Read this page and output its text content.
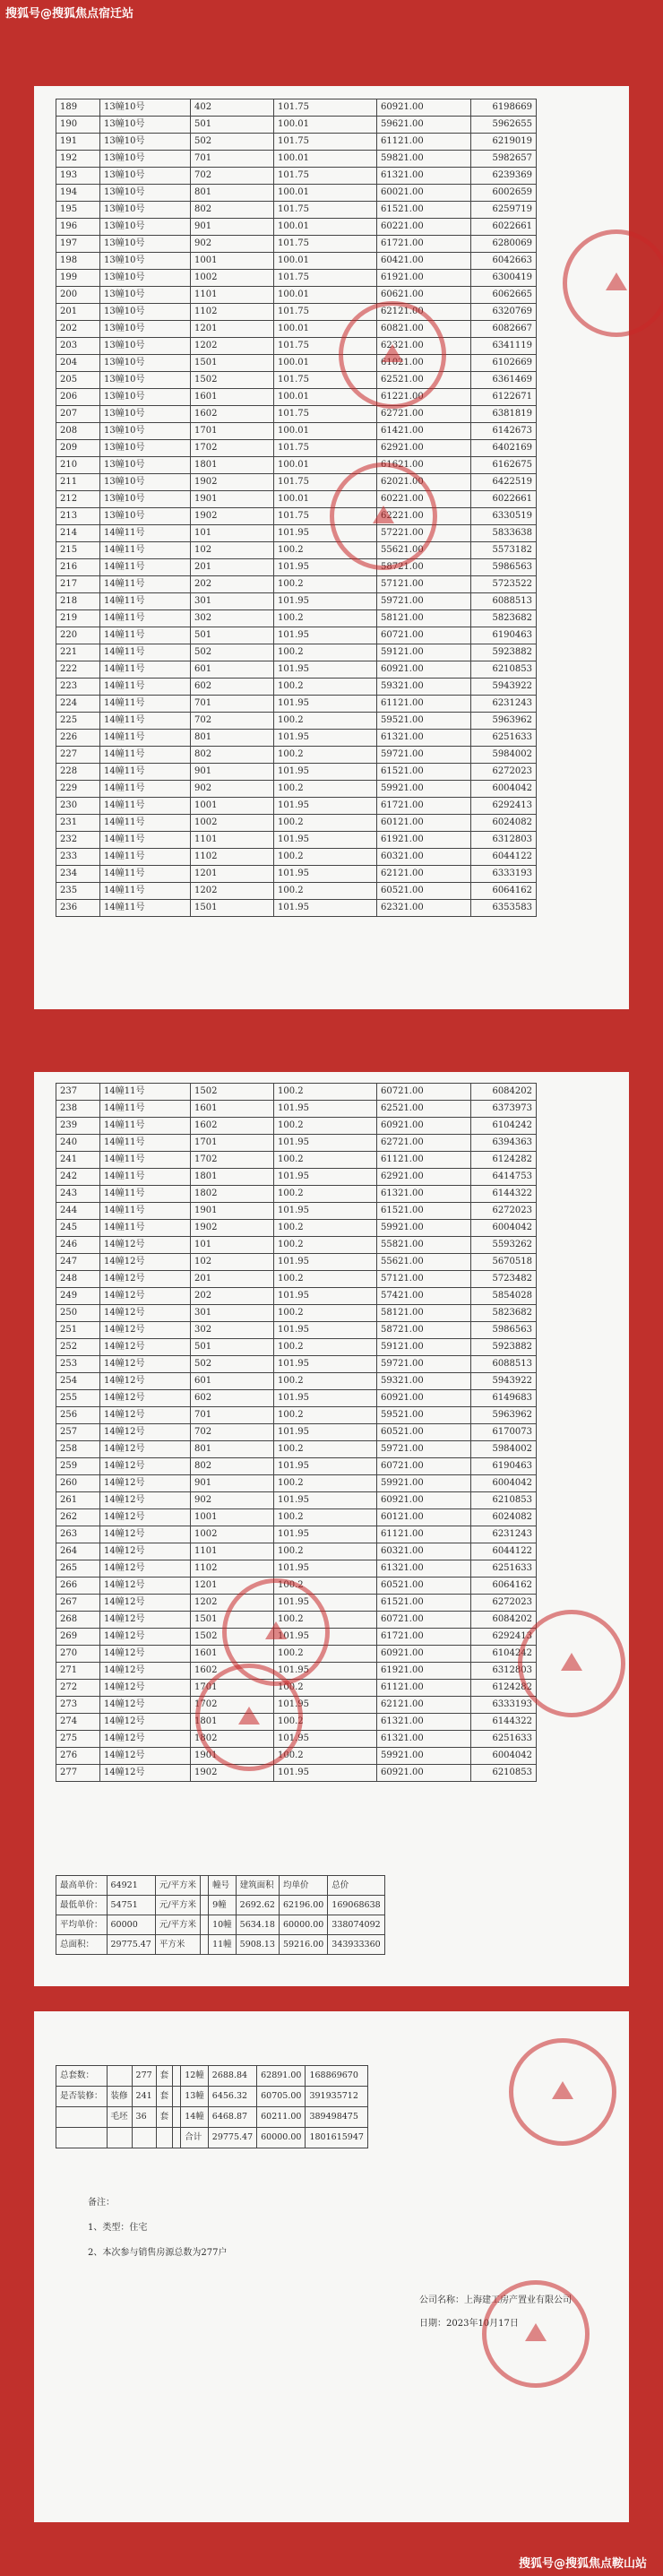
搜狐号@搜狐焦点宿迁站
189	13幢10号	402	101.75	60921.00	6198669
190	13幢10号	501	100.01	59621.00	5962655
191	13幢10号	502	101.75	61121.00	6219019
192	13幢10号	701	100.01	59821.00	5982657
193	13幢10号	702	101.75	61321.00	6239369
194	13幢10号	801	100.01	60021.00	6002659
195	13幢10号	802	101.75	61521.00	6259719
196	13幢10号	901	100.01	60221.00	6022661
197	13幢10号	902	101.75	61721.00	6280069
198	13幢10号	1001	100.01	60421.00	6042663
199	13幢10号	1002	101.75	61921.00	6300419
200	13幢10号	1101	100.01	60621.00	6062665
201	13幢10号	1102	101.75	62121.00	6320769
202	13幢10号	1201	100.01	60821.00	6082667
203	13幢10号	1202	101.75	62321.00	6341119
204	13幢10号	1501	100.01	61021.00	6102669
205	13幢10号	1502	101.75	62521.00	6361469
206	13幢10号	1601	100.01	61221.00	6122671
207	13幢10号	1602	101.75	62721.00	6381819
208	13幢10号	1701	100.01	61421.00	6142673
209	13幢10号	1702	101.75	62921.00	6402169
210	13幢10号	1801	100.01	61621.00	6162675
211	13幢10号	1902	101.75	62021.00	6422519
212	13幢10号	1901	100.01	60221.00	6022661
213	13幢10号	1902	101.75	62221.00	6330519
214	14幢11号	101	101.95	57221.00	5833638
215	14幢11号	102	100.2	55621.00	5573182
216	14幢11号	201	101.95	58721.00	5986563
217	14幢11号	202	100.2	57121.00	5723522
218	14幢11号	301	101.95	59721.00	6088513
219	14幢11号	302	100.2	58121.00	5823682
220	14幢11号	501	101.95	60721.00	6190463
221	14幢11号	502	100.2	59121.00	5923882
222	14幢11号	601	101.95	60921.00	6210853
223	14幢11号	602	100.2	59321.00	5943922
224	14幢11号	701	101.95	61121.00	6231243
225	14幢11号	702	100.2	59521.00	5963962
226	14幢11号	801	101.95	61321.00	6251633
227	14幢11号	802	100.2	59721.00	5984002
228	14幢11号	901	101.95	61521.00	6272023
229	14幢11号	902	100.2	59921.00	6004042
230	14幢11号	1001	101.95	61721.00	6292413
231	14幢11号	1002	100.2	60121.00	6024082
232	14幢11号	1101	101.95	61921.00	6312803
233	14幢11号	1102	100.2	60321.00	6044122
234	14幢11号	1201	101.95	62121.00	6333193
235	14幢11号	1202	100.2	60521.00	6064162
236	14幢11号	1501	101.95	62321.00	6353583
237	14幢11号	1502	100.2	60721.00	6084202
238	14幢11号	1601	101.95	62521.00	6373973
239	14幢11号	1602	100.2	60921.00	6104242
240	14幢11号	1701	101.95	62721.00	6394363
241	14幢11号	1702	100.2	61121.00	6124282
242	14幢11号	1801	101.95	62921.00	6414753
243	14幢11号	1802	100.2	61321.00	6144322
244	14幢11号	1901	101.95	61521.00	6272023
245	14幢11号	1902	100.2	59921.00	6004042
246	14幢12号	101	100.2	55821.00	5593262
247	14幢12号	102	101.95	55621.00	5670518
248	14幢12号	201	100.2	57121.00	5723482
249	14幢12号	202	101.95	57421.00	5854028
250	14幢12号	301	100.2	58121.00	5823682
251	14幢12号	302	101.95	58721.00	5986563
252	14幢12号	501	100.2	59121.00	5923882
253	14幢12号	502	101.95	59721.00	6088513
254	14幢12号	601	100.2	59321.00	5943922
255	14幢12号	602	101.95	60921.00	6149683
256	14幢12号	701	100.2	59521.00	5963962
257	14幢12号	702	101.95	60521.00	6170073
258	14幢12号	801	100.2	59721.00	5984002
259	14幢12号	802	101.95	60721.00	6190463
260	14幢12号	901	100.2	59921.00	6004042
261	14幢12号	902	101.95	60921.00	6210853
262	14幢12号	1001	100.2	60121.00	6024082
263	14幢12号	1002	101.95	61121.00	6231243
264	14幢12号	1101	100.2	60321.00	6044122
265	14幢12号	1102	101.95	61321.00	6251633
266	14幢12号	1201	100.2	60521.00	6064162
267	14幢12号	1202	101.95	61521.00	6272023
268	14幢12号	1501	100.2	60721.00	6084202
269	14幢12号	1502	101.95	61721.00	6292413
270	14幢12号	1601	100.2	60921.00	6104242
271	14幢12号	1602	101.95	61921.00	6312803
272	14幢12号	1701	100.2	61121.00	6124282
273	14幢12号	1702	101.95	62121.00	6333193
274	14幢12号	1801	100.2	61321.00	6144322
275	14幢12号	1802	101.95	61321.00	6251633
276	14幢12号	1901	100.2	59921.00	6004042
277	14幢12号	1902	101.95	60921.00	6210853
最高单价：	64921	元/平方米		幢号	建筑面积	均单价	总价
最低单价：	54751	元/平方米		9幢	2692.62	62196.00	169068638
平均单价：	60000	元/平方米		10幢	5634.18	60000.00	338074092
总面积：	29775.47	平方米		11幢	5908.13	59216.00	343933360
总套数：		277	套		12幢	2688.84	62891.00	168869670
是否装修：	装修	241	套		13幢	6456.32	60705.00	391935712
	毛坯	36	套		14幢	6468.87	60211.00	389498475
					合计	29775.47	60000.00	1801615947
备注：
1、类型：住宅
2、本次参与销售房源总数为277户
公司名称：上海建工房产置业有限公司
日期：2023年10月17日
搜狐号@搜狐焦点鞍山站
